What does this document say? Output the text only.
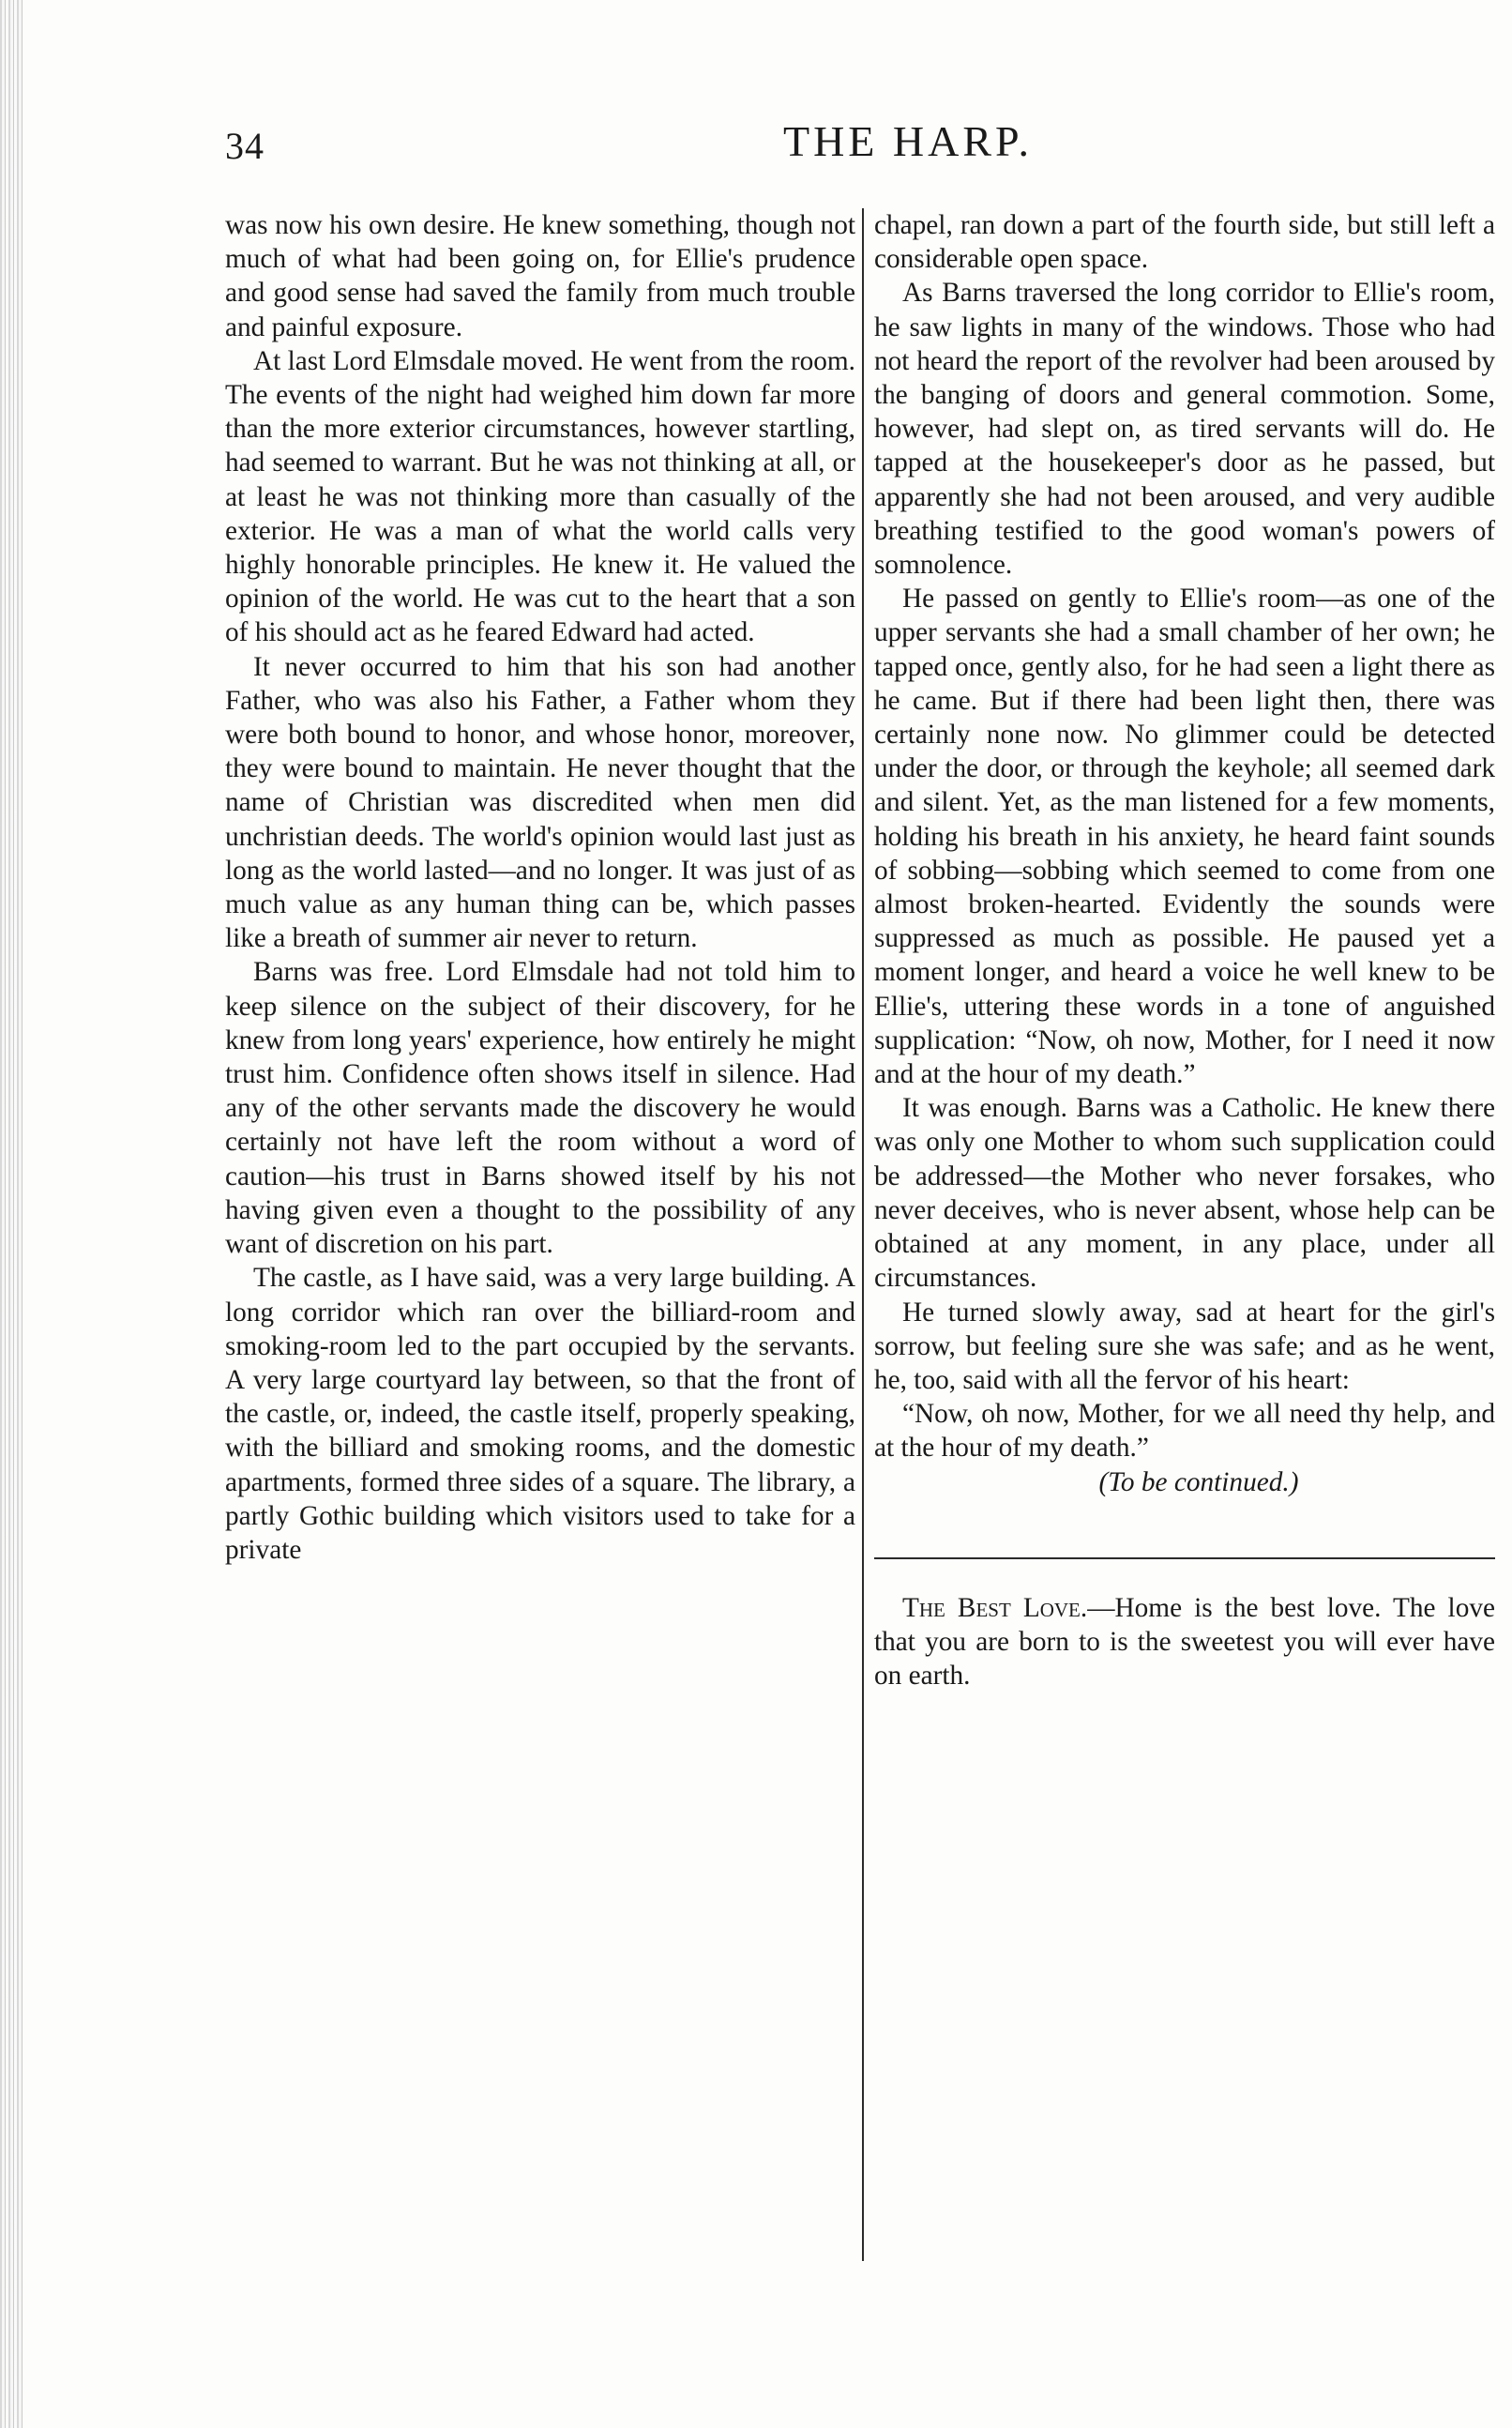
34	THE HARP.

was now his own desire. He knew something, though not much of what had been going on, for Ellie's prudence and good sense had saved the family from much trouble and painful exposure.

At last Lord Elmsdale moved. He went from the room. The events of the night had weighed him down far more than the more exterior circumstances, however startling, had seemed to warrant. But he was not thinking at all, or at least he was not thinking more than casually of the exterior. He was a man of what the world calls very highly honorable principles. He knew it. He valued the opinion of the world. He was cut to the heart that a son of his should act as he feared Edward had acted.

It never occurred to him that his son had another Father, who was also his Father, a Father whom they were both bound to honor, and whose honor, moreover, they were bound to maintain. He never thought that the name of Christian was discredited when men did unchristian deeds. The world's opinion would last just as long as the world lasted—and no longer. It was just of as much value as any human thing can be, which passes like a breath of summer air never to return.

Barns was free. Lord Elmsdale had not told him to keep silence on the subject of their discovery, for he knew from long years' experience, how entirely he might trust him. Confidence often shows itself in silence. Had any of the other servants made the discovery he would certainly not have left the room without a word of caution—his trust in Barns showed itself by his not having given even a thought to the possibility of any want of discretion on his part.

The castle, as I have said, was a very large building. A long corridor which ran over the billiard-room and smoking-room led to the part occupied by the servants. A very large courtyard lay between, so that the front of the castle, or, indeed, the castle itself, properly speaking, with the billiard and smoking rooms, and the domestic apartments, formed three sides of a square. The library, a partly Gothic building which visitors used to take for a private

chapel, ran down a part of the fourth side, but still left a considerable open space.

As Barns traversed the long corridor to Ellie's room, he saw lights in many of the windows. Those who had not heard the report of the revolver had been aroused by the banging of doors and general commotion. Some, however, had slept on, as tired servants will do. He tapped at the housekeeper's door as he passed, but apparently she had not been aroused, and very audible breathing testified to the good woman's powers of somnolence.

He passed on gently to Ellie's room—as one of the upper servants she had a small chamber of her own; he tapped once, gently also, for he had seen a light there as he came. But if there had been light then, there was certainly none now. No glimmer could be detected under the door, or through the keyhole; all seemed dark and silent. Yet, as the man listened for a few moments, holding his breath in his anxiety, he heard faint sounds of sobbing—sobbing which seemed to come from one almost broken-hearted. Evidently the sounds were suppressed as much as possible. He paused yet a moment longer, and heard a voice he well knew to be Ellie's, uttering these words in a tone of anguished supplication: “Now, oh now, Mother, for I need it now and at the hour of my death.”

It was enough. Barns was a Catholic. He knew there was only one Mother to whom such supplication could be addressed—the Mother who never forsakes, who never deceives, who is never absent, whose help can be obtained at any moment, in any place, under all circumstances.

He turned slowly away, sad at heart for the girl's sorrow, but feeling sure she was safe; and as he went, he, too, said with all the fervor of his heart:

“Now, oh now, Mother, for we all need thy help, and at the hour of my death.”

(To be continued.)

The Best Love.—Home is the best love. The love that you are born to is the sweetest you will ever have on earth.
